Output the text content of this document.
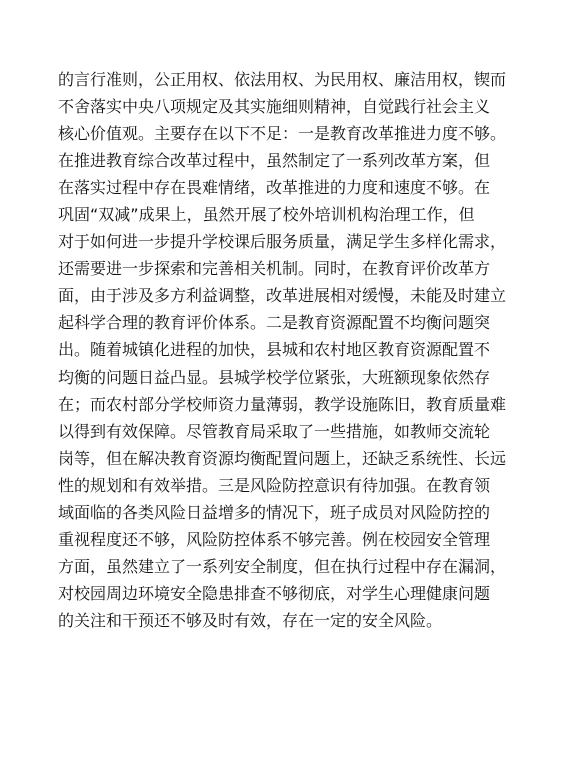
的言行准则，公正用权、依法用权、为民用权、廉洁用权，锲而
不舍落实中央八项规定及其实施细则精神，自觉践行社会主义
核心价值观。主要存在以下不足：一是教育改革推进力度不够。
在推进教育综合改革过程中，虽然制定了一系列改革方案，但
在落实过程中存在畏难情绪，改革推进的力度和速度不够。在
巩固“双减”成果上，虽然开展了校外培训机构治理工作，但
对于如何进一步提升学校课后服务质量，满足学生多样化需求，
还需要进一步探索和完善相关机制。同时，在教育评价改革方
面，由于涉及多方利益调整，改革进展相对缓慢，未能及时建立
起科学合理的教育评价体系。二是教育资源配置不均衡问题突
出。随着城镇化进程的加快，县城和农村地区教育资源配置不
均衡的问题日益凸显。县城学校学位紧张，大班额现象依然存
在；而农村部分学校师资力量薄弱，教学设施陈旧，教育质量难
以得到有效保障。尽管教育局采取了一些措施，如教师交流轮
岗等，但在解决教育资源均衡配置问题上，还缺乏系统性、长远
性的规划和有效举措。三是风险防控意识有待加强。在教育领
域面临的各类风险日益增多的情况下，班子成员对风险防控的
重视程度还不够，风险防控体系不够完善。例在校园安全管理
方面，虽然建立了一系列安全制度，但在执行过程中存在漏洞，
对校园周边环境安全隐患排查不够彻底，对学生心理健康问题
的关注和干预还不够及时有效，存在一定的安全风险。
